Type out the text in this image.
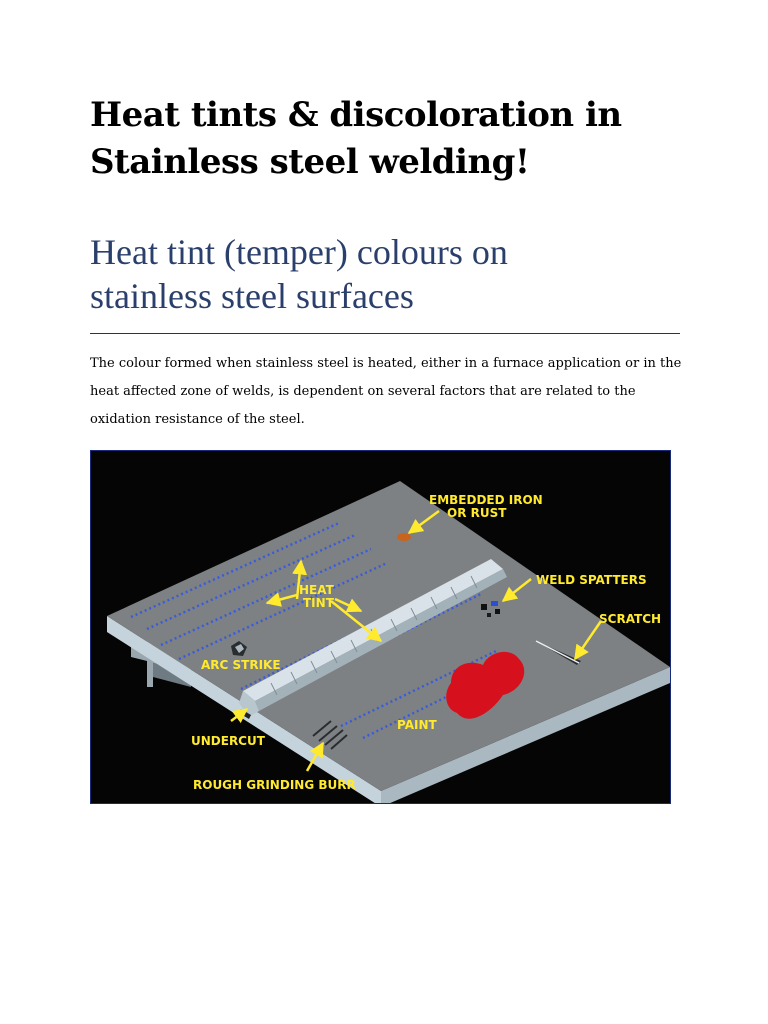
Heat tints & discoloration in
Stainless steel welding!
Heat tint (temper) colours on
stainless steel surfaces

The colour formed when stainless steel is heated, either in a furnace application or in the heat affected zone of welds, is dependent on several factors that are related to the oxidation resistance of the steel.

EMBEDDED IRON
OR RUST
WELD SPATTERS
HEAT
TINT
SCRATCH
ARC STRIKE
PAINT
UNDERCUT
ROUGH GRINDING BURR
